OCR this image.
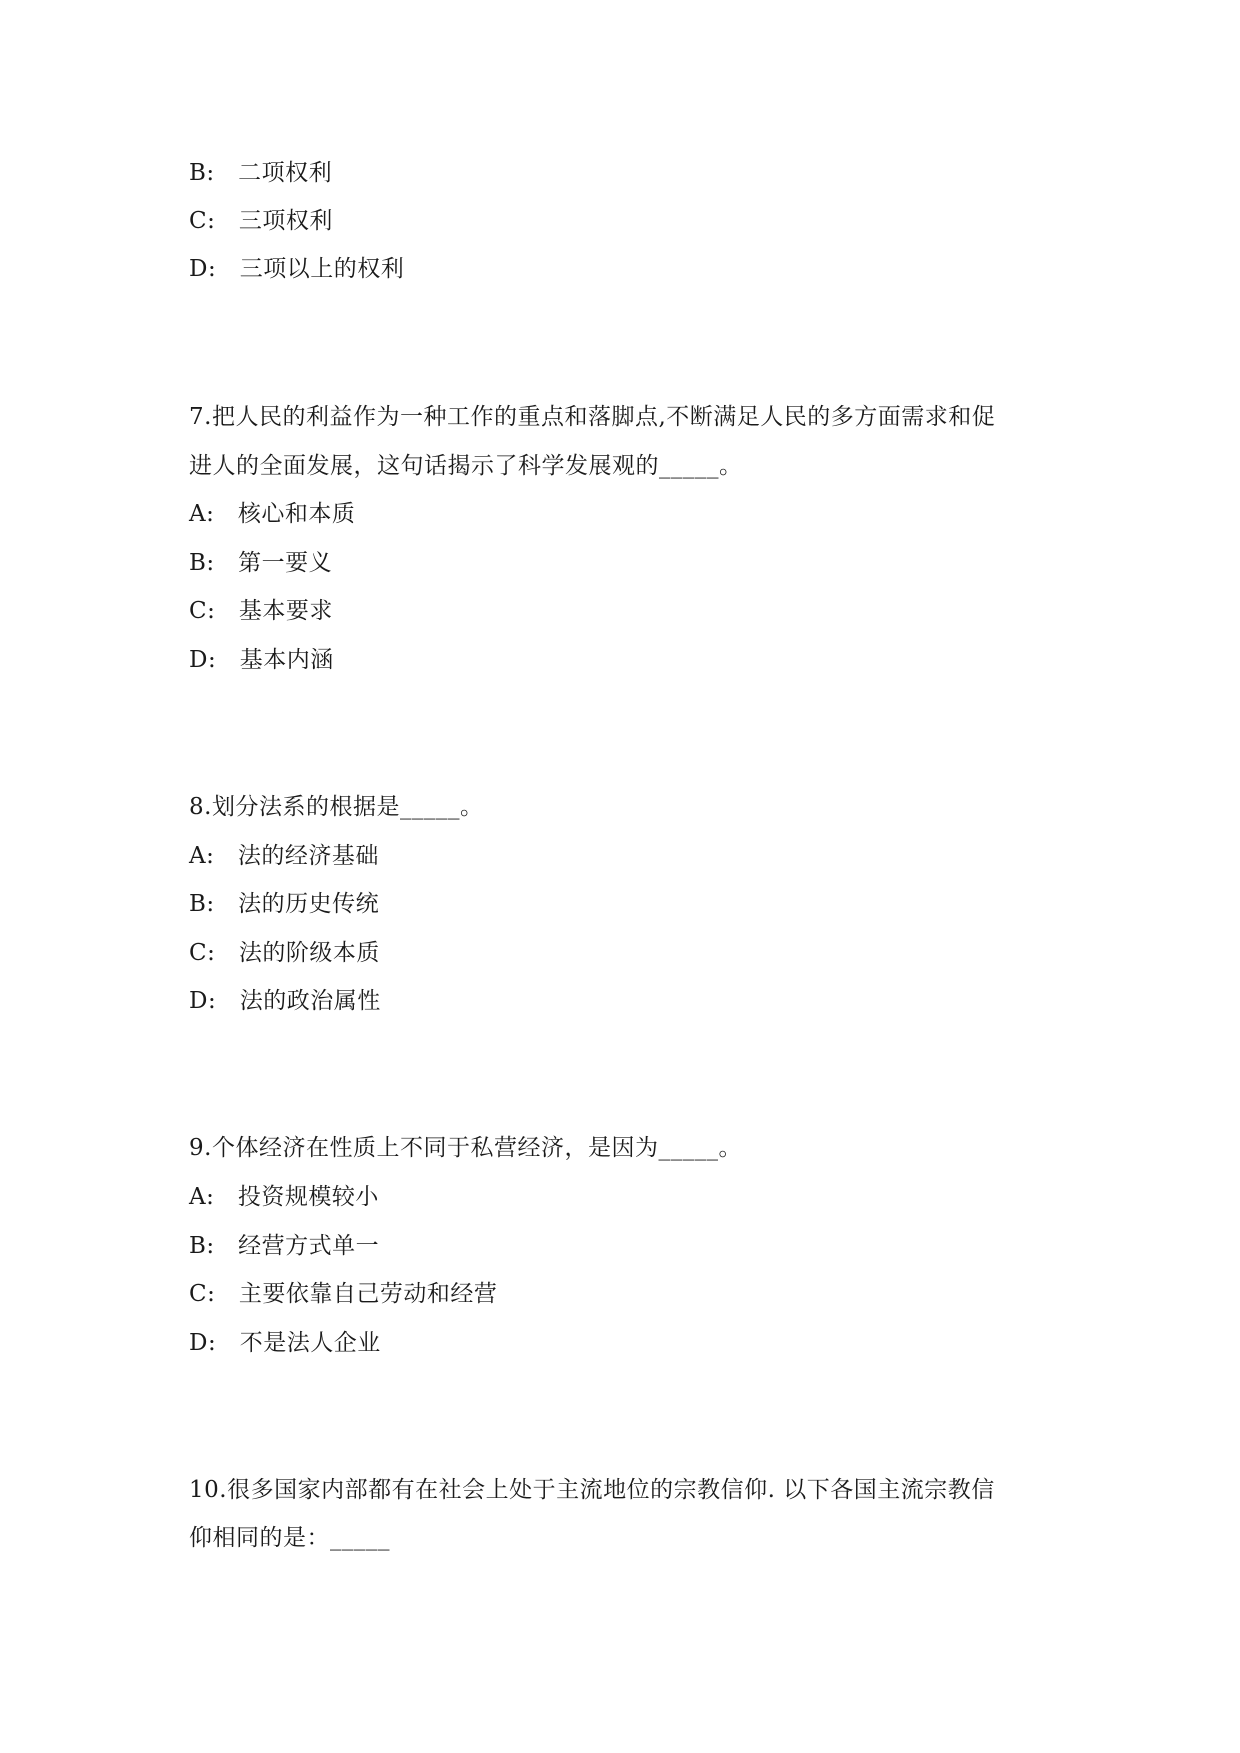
B:  二项权利
C:  三项权利
D:  三项以上的权利
7.把人民的利益作为一种工作的重点和落脚点,不断满足人民的多方面需求和促
进人的全面发展，这句话揭示了科学发展观的_____。
A:  核心和本质
B:  第一要义
C:  基本要求
D:  基本内涵
8.划分法系的根据是_____。
A:  法的经济基础
B:  法的历史传统
C:  法的阶级本质
D:  法的政治属性
9.个体经济在性质上不同于私营经济，是因为_____。
A:  投资规模较小
B:  经营方式单一
C:  主要依靠自己劳动和经营
D:  不是法人企业
10.很多国家内部都有在社会上处于主流地位的宗教信仰. 以下各国主流宗教信
仰相同的是：_____
